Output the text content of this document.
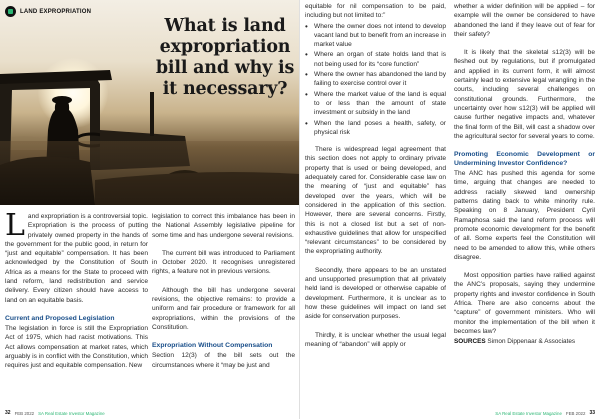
LAND EXPROPRIATION

Land expropriation is a controversial topic. Expropriation is the process of putting privately owned property in the hands of the government for the public good, in return for “just and equitable” compensation. It has been acknowledged by the Constitution of South Africa as a means for the State to proceed with land reform, land redistribution and service delivery. Every citizen should have access to land on an equitable basis.

Current and Proposed Legislation

The legislation in force is still the Expropriation Act of 1975, which had racist motivations. This Act allows compensation at market rates, which arguably is in conflict with the Constitution, which requires just and equitable compensation. New

legislation to correct this imbalance has been in the National Assembly legislative pipeline for some time and has undergone several revisions.

The current bill was introduced to Parliament in October 2020. It recognises unregistered rights, a feature not in previous versions.

Although the bill has undergone several revisions, the objective remains: to provide a uniform and fair procedure or framework for all expropriations, within the provisions of the Constitution.

Expropriation Without Compensation

Section 12(3) of the bill sets out the circumstances where it “may be just and

32 FEB 2022 SA Real Estate Investor Magazine
What is land expropriation bill and why is it necessary?

equitable for nil compensation to be paid, including but not limited to:”

• Where the owner does not intend to develop vacant land but to benefit from an increase in market value
• Where an organ of state holds land that is not being used for its “core function”
• Where the owner has abandoned the land by failing to exercise control over it
• Where the market value of the land is equal to or less than the amount of state investment or subsidy in the land
• When the land poses a health, safety, or physical risk

There is widespread legal agreement that this section does not apply to ordinary private property that is used or being developed, and adequately cared for. Considerable case law on the meaning of “just and equitable” has developed over the years, which will be considered in the application of this section. However, there are several concerns. Firstly, this is not a closed list but a set of non-exhaustive guidelines that allow for unspecified “relevant circumstances” to be considered by the expropriating authority.

Secondly, there appears to be an unstated and unsupported presumption that all privately held land is developed or otherwise capable of development. Furthermore, it is unclear as to how these guidelines will impact on land set aside for conservation purposes.

Thirdly, it is unclear whether the usual legal meaning of “abandon” will apply or

whether a wider definition will be applied – for example will the owner be considered to have abandoned the land if they leave out of fear for their safety?

It is likely that the skeletal s12(3) will be fleshed out by regulations, but if promulgated and applied in its current form, it will almost certainly lead to extensive legal wrangling in the courts, including several challenges on constitutional grounds. Furthermore, the uncertainty over how s12(3) will be applied will cause further negative impacts and, whatever the final form of the Bill, will cast a shadow over the agricultural sector for several years to come.

Promoting Economic Development or Undermining Investor Confidence?

The ANC has pushed this agenda for some time, arguing that changes are needed to address racially skewed land ownership patterns dating back to white minority rule. Speaking on 8 January, President Cyril Ramaphosa said the land reform process will promote economic development for the benefit of all. Some experts feel the Constitution will need to be amended to allow this, while others disagree.

Most opposition parties have rallied against the ANC’s proposals, saying they undermine property rights and investor confidence in South Africa. There are also concerns about the “capture” of government ministers. Who will monitor the implementation of the bill when it becomes law?

SOURCES Simon Dippenaar & Associates
SA Real Estate Investor Magazine FEB 2022 33
